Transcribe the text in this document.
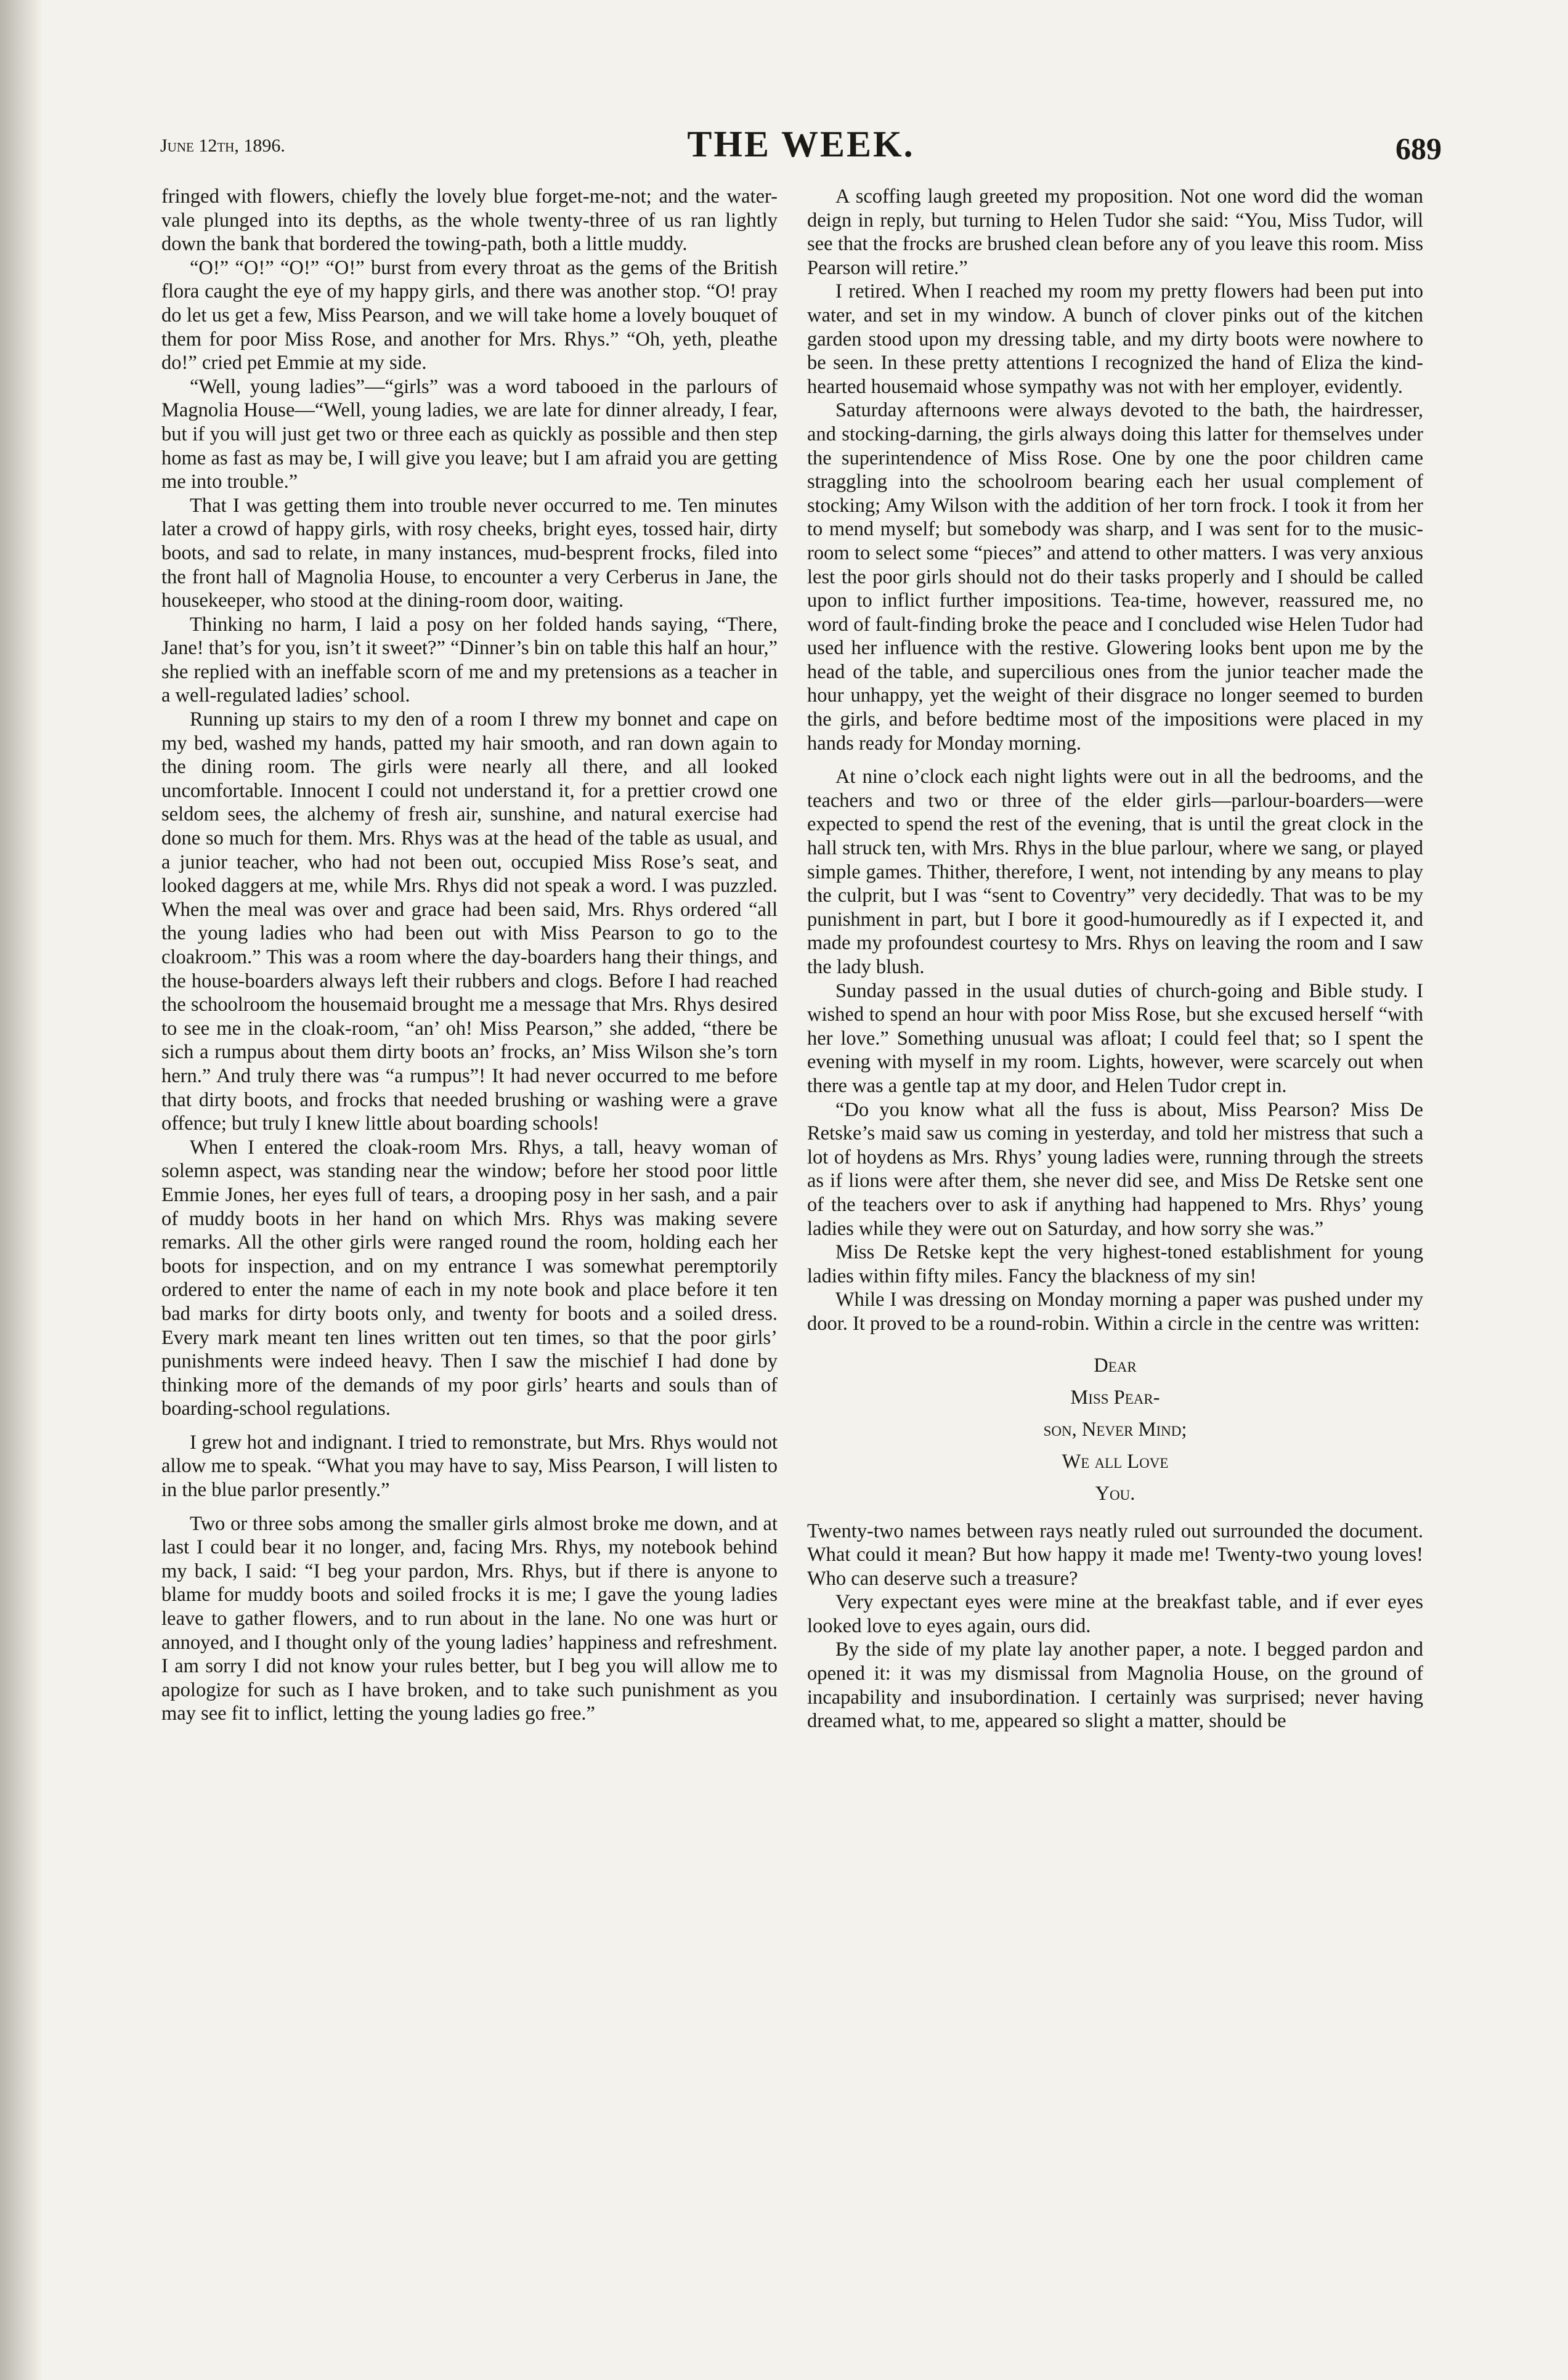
June 12th, 1896.	THE WEEK.	689

fringed with flowers, chiefly the lovely blue forget-me-not; and the water-vale plunged into its depths, as the whole twenty-three of us ran lightly down the bank that bordered the towing-path, both a little muddy.

“O!” “O!” “O!” “O!” burst from every throat as the gems of the British flora caught the eye of my happy girls, and there was another stop. “O! pray do let us get a few, Miss Pearson, and we will take home a lovely bouquet of them for poor Miss Rose, and another for Mrs. Rhys.” “Oh, yeth, pleathe do!” cried pet Emmie at my side.

“Well, young ladies”—“girls” was a word tabooed in the parlours of Magnolia House—“Well, young ladies, we are late for dinner already, I fear, but if you will just get two or three each as quickly as possible and then step home as fast as may be, I will give you leave; but I am afraid you are getting me into trouble.”

That I was getting them into trouble never occurred to me. Ten minutes later a crowd of happy girls, with rosy cheeks, bright eyes, tossed hair, dirty boots, and sad to relate, in many instances, mud-besprent frocks, filed into the front hall of Magnolia House, to encounter a very Cerberus in Jane, the housekeeper, who stood at the dining-room door, waiting.

Thinking no harm, I laid a posy on her folded hands saying, “There, Jane! that’s for you, isn’t it sweet?” “Dinner’s bin on table this half an hour,” she replied with an ineffable scorn of me and my pretensions as a teacher in a well-regulated ladies’ school.

Running up stairs to my den of a room I threw my bonnet and cape on my bed, washed my hands, patted my hair smooth, and ran down again to the dining room. The girls were nearly all there, and all looked uncomfortable. Innocent I could not understand it, for a prettier crowd one seldom sees, the alchemy of fresh air, sunshine, and natural exercise had done so much for them. Mrs. Rhys was at the head of the table as usual, and a junior teacher, who had not been out, occupied Miss Rose’s seat, and looked daggers at me, while Mrs. Rhys did not speak a word. I was puzzled. When the meal was over and grace had been said, Mrs. Rhys ordered “all the young ladies who had been out with Miss Pearson to go to the cloakroom.” This was a room where the day-boarders hang their things, and the house-boarders always left their rubbers and clogs. Before I had reached the schoolroom the housemaid brought me a message that Mrs. Rhys desired to see me in the cloak-room, “an’ oh! Miss Pearson,” she added, “there be sich a rumpus about them dirty boots an’ frocks, an’ Miss Wilson she’s torn hern.” And truly there was “a rumpus”! It had never occurred to me before that dirty boots, and frocks that needed brushing or washing were a grave offence; but truly I knew little about boarding schools!

When I entered the cloak-room Mrs. Rhys, a tall, heavy woman of solemn aspect, was standing near the window; before her stood poor little Emmie Jones, her eyes full of tears, a drooping posy in her sash, and a pair of muddy boots in her hand on which Mrs. Rhys was making severe remarks. All the other girls were ranged round the room, holding each her boots for inspection, and on my entrance I was somewhat peremptorily ordered to enter the name of each in my note book and place before it ten bad marks for dirty boots only, and twenty for boots and a soiled dress. Every mark meant ten lines written out ten times, so that the poor girls’ punishments were indeed heavy. Then I saw the mischief I had done by thinking more of the demands of my poor girls’ hearts and souls than of boarding-school regulations.

I grew hot and indignant. I tried to remonstrate, but Mrs. Rhys would not allow me to speak. “What you may have to say, Miss Pearson, I will listen to in the blue parlor presently.”

Two or three sobs among the smaller girls almost broke me down, and at last I could bear it no longer, and, facing Mrs. Rhys, my notebook behind my back, I said: “I beg your pardon, Mrs. Rhys, but if there is anyone to blame for muddy boots and soiled frocks it is me; I gave the young ladies leave to gather flowers, and to run about in the lane. No one was hurt or annoyed, and I thought only of the young ladies’ happiness and refreshment. I am sorry I did not know your rules better, but I beg you will allow me to apologize for such as I have broken, and to take such punishment as you may see fit to inflict, letting the young ladies go free.”

A scoffing laugh greeted my proposition. Not one word did the woman deign in reply, but turning to Helen Tudor she said: “You, Miss Tudor, will see that the frocks are brushed clean before any of you leave this room. Miss Pearson will retire.”

I retired. When I reached my room my pretty flowers had been put into water, and set in my window. A bunch of clover pinks out of the kitchen garden stood upon my dressing table, and my dirty boots were nowhere to be seen. In these pretty attentions I recognized the hand of Eliza the kind-hearted housemaid whose sympathy was not with her employer, evidently.

Saturday afternoons were always devoted to the bath, the hairdresser, and stocking-darning, the girls always doing this latter for themselves under the superintendence of Miss Rose. One by one the poor children came straggling into the schoolroom bearing each her usual complement of stocking; Amy Wilson with the addition of her torn frock. I took it from her to mend myself; but somebody was sharp, and I was sent for to the music-room to select some “pieces” and attend to other matters. I was very anxious lest the poor girls should not do their tasks properly and I should be called upon to inflict further impositions. Tea-time, however, reassured me, no word of fault-finding broke the peace and I concluded wise Helen Tudor had used her influence with the restive. Glowering looks bent upon me by the head of the table, and supercilious ones from the junior teacher made the hour unhappy, yet the weight of their disgrace no longer seemed to burden the girls, and before bedtime most of the impositions were placed in my hands ready for Monday morning.

At nine o’clock each night lights were out in all the bedrooms, and the teachers and two or three of the elder girls—parlour-boarders—were expected to spend the rest of the evening, that is until the great clock in the hall struck ten, with Mrs. Rhys in the blue parlour, where we sang, or played simple games. Thither, therefore, I went, not intending by any means to play the culprit, but I was “sent to Coventry” very decidedly. That was to be my punishment in part, but I bore it good-humouredly as if I expected it, and made my profoundest courtesy to Mrs. Rhys on leaving the room and I saw the lady blush.

Sunday passed in the usual duties of church-going and Bible study. I wished to spend an hour with poor Miss Rose, but she excused herself “with her love.” Something unusual was afloat; I could feel that; so I spent the evening with myself in my room. Lights, however, were scarcely out when there was a gentle tap at my door, and Helen Tudor crept in.

“Do you know what all the fuss is about, Miss Pearson? Miss De Retske’s maid saw us coming in yesterday, and told her mistress that such a lot of hoydens as Mrs. Rhys’ young ladies were, running through the streets as if lions were after them, she never did see, and Miss De Retske sent one of the teachers over to ask if anything had happened to Mrs. Rhys’ young ladies while they were out on Saturday, and how sorry she was.”

Miss De Retske kept the very highest-toned establishment for young ladies within fifty miles. Fancy the blackness of my sin!

While I was dressing on Monday morning a paper was pushed under my door. It proved to be a round-robin. Within a circle in the centre was written:

Dear
Miss Pear-
son, Never Mind;
We all Love
You.

Twenty-two names between rays neatly ruled out surrounded the document. What could it mean? But how happy it made me! Twenty-two young loves! Who can deserve such a treasure?

Very expectant eyes were mine at the breakfast table, and if ever eyes looked love to eyes again, ours did.

By the side of my plate lay another paper, a note. I begged pardon and opened it: it was my dismissal from Magnolia House, on the ground of incapability and insubordination. I certainly was surprised; never having dreamed what, to me, appeared so slight a matter, should be
